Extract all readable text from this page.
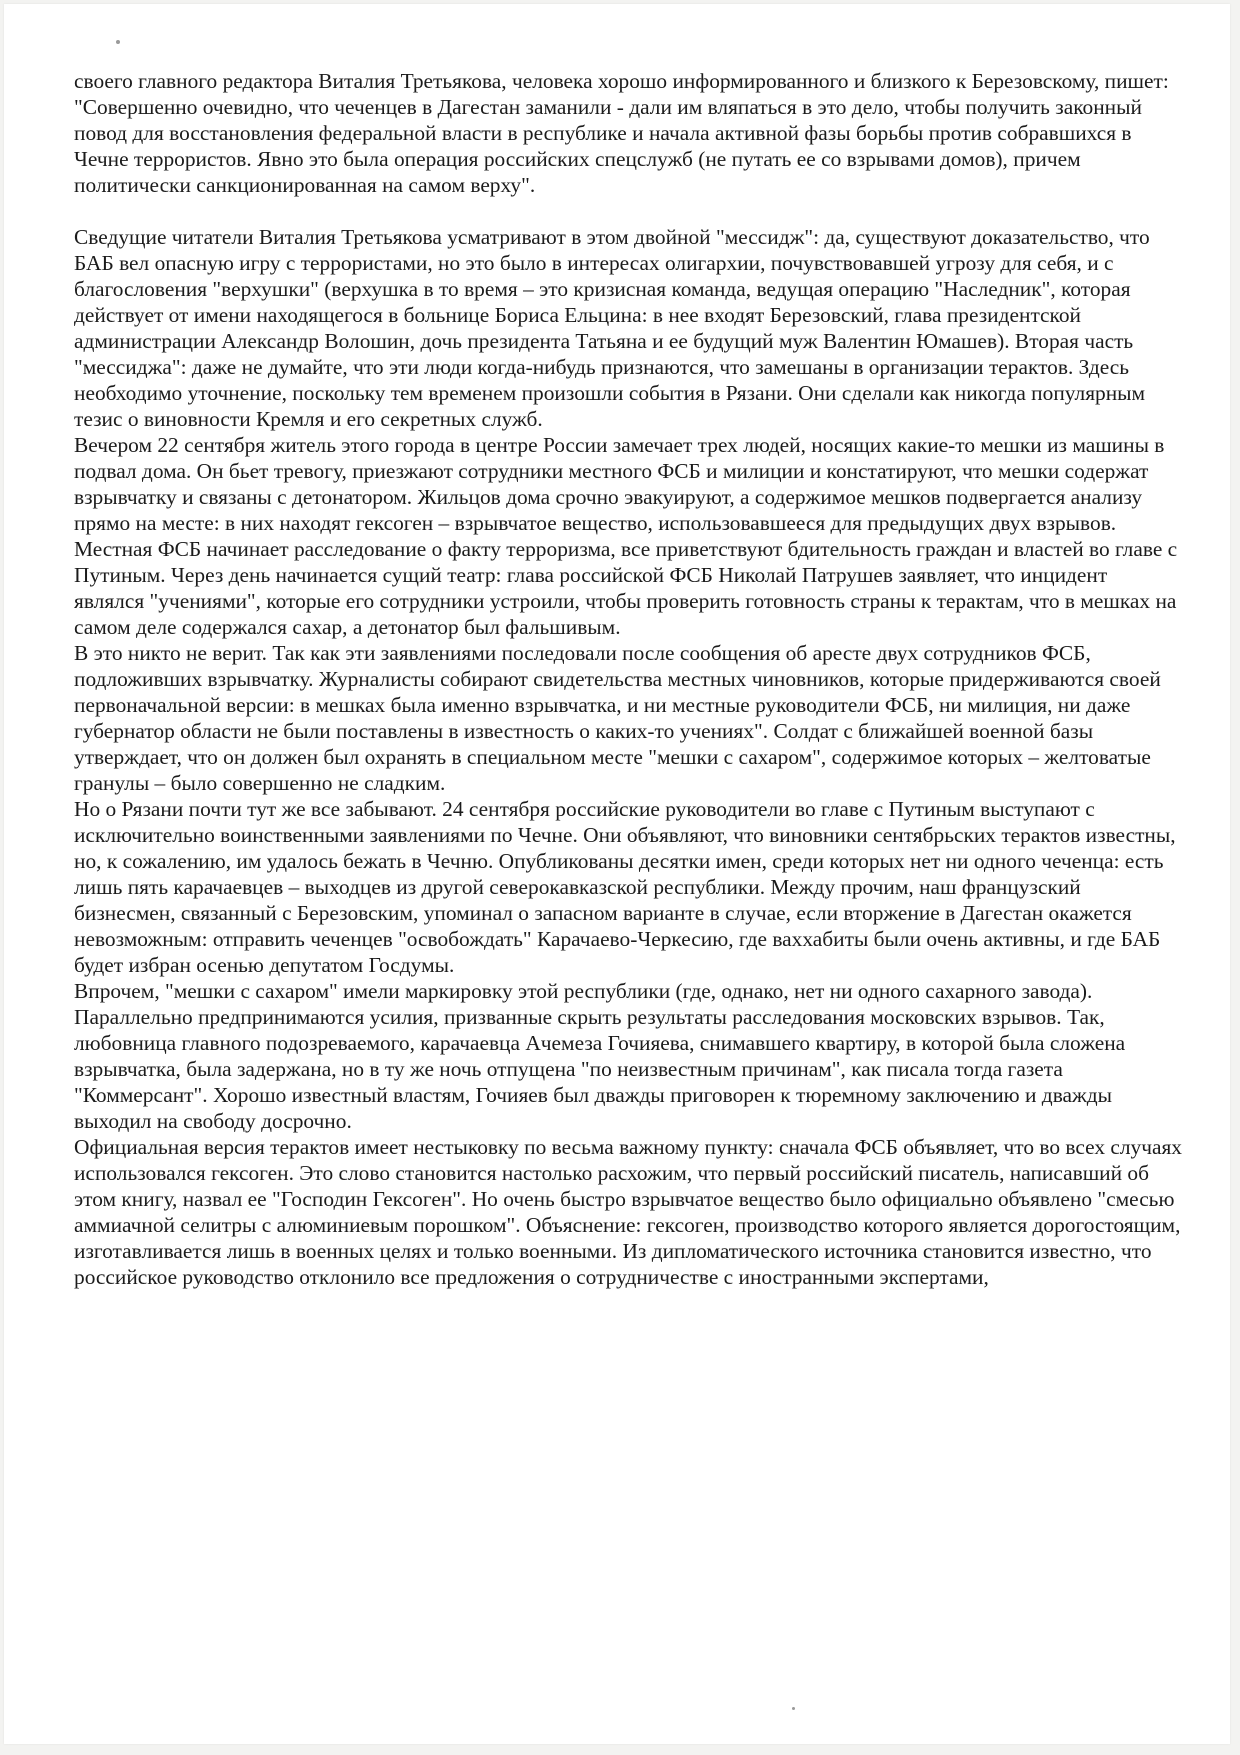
своего главного редактора Виталия Третьякова, человека хорошо информированного и близкого к Березовскому, пишет: "Совершенно очевидно, что чеченцев в Дагестан заманили - дали им вляпаться в это дело, чтобы получить законный повод для восстановления федеральной власти в республике и начала активной фазы борьбы против собравшихся в Чечне террористов. Явно это была операция российских спецслужб (не путать ее со взрывами домов), причем политически санкционированная на самом верху".

Сведущие читатели Виталия Третьякова усматривают в этом двойной "мессидж": да, существуют доказательство, что БАБ вел опасную игру с террористами, но это было в интересах олигархии, почувствовавшей угрозу для себя, и с благословения "верхушки" (верхушка в то время – это кризисная команда, ведущая операцию "Наследник", которая действует от имени находящегося в больнице Бориса Ельцина: в нее входят Березовский, глава президентской администрации Александр Волошин, дочь президента Татьяна и ее будущий муж Валентин Юмашев). Вторая часть "мессиджа": даже не думайте, что эти люди когда-нибудь признаются, что замешаны в организации терактов. Здесь необходимо уточнение, поскольку тем временем произошли события в Рязани. Они сделали как никогда популярным тезис о виновности Кремля и его секретных служб.

Вечером 22 сентября житель этого города в центре России замечает трех людей, носящих какие-то мешки из машины в подвал дома. Он бьет тревогу, приезжают сотрудники местного ФСБ и милиции и констатируют, что мешки содержат взрывчатку и связаны с детонатором. Жильцов дома срочно эвакуируют, а содержимое мешков подвергается анализу прямо на месте: в них находят гексоген – взрывчатое вещество, использовавшееся для предыдущих двух взрывов. Местная ФСБ начинает расследование о факту терроризма, все приветствуют бдительность граждан и властей во главе с Путиным. Через день начинается сущий театр: глава российской ФСБ Николай Патрушев заявляет, что инцидент являлся "учениями", которые его сотрудники устроили, чтобы проверить готовность страны к терактам, что в мешках на самом деле содержался сахар, а детонатор был фальшивым.

В это никто не верит. Так как эти заявлениями последовали после сообщения об аресте двух сотрудников ФСБ, подложивших взрывчатку. Журналисты собирают свидетельства местных чиновников, которые придерживаются своей первоначальной версии: в мешках была именно взрывчатка, и ни местные руководители ФСБ, ни милиция, ни даже губернатор области не были поставлены в известность о каких-то учениях". Солдат с ближайшей военной базы утверждает, что он должен был охранять в специальном месте "мешки с сахаром", содержимое которых – желтоватые гранулы – было совершенно не сладким.

Но о Рязани почти тут же все забывают. 24 сентября российские руководители во главе с Путиным выступают с исключительно воинственными заявлениями по Чечне. Они объявляют, что виновники сентябрьских терактов известны, но, к сожалению, им удалось бежать в Чечню. Опубликованы десятки имен, среди которых нет ни одного чеченца: есть лишь пять карачаевцев – выходцев из другой северокавказской республики. Между прочим, наш французский бизнесмен, связанный с Березовским, упоминал о запасном варианте в случае, если вторжение в Дагестан окажется невозможным: отправить чеченцев "освобождать" Карачаево-Черкесию, где ваххабиты были очень активны, и где БАБ будет избран осенью депутатом Госдумы.

Впрочем, "мешки с сахаром" имели маркировку этой республики (где, однако, нет ни одного сахарного завода).

Параллельно предпринимаются усилия, призванные скрыть результаты расследования московских взрывов. Так, любовница главного подозреваемого, карачаевца Ачемеза Гочияева, снимавшего квартиру, в которой была сложена взрывчатка, была задержана, но в ту же ночь отпущена "по неизвестным причинам", как писала тогда газета "Коммерсант". Хорошо известный властям, Гочияев был дважды приговорен к тюремному заключению и дважды выходил на свободу досрочно.

Официальная версия терактов имеет нестыковку по весьма важному пункту: сначала ФСБ объявляет, что во всех случаях использовался гексоген. Это слово становится настолько расхожим, что первый российский писатель, написавший об этом книгу, назвал ее "Господин Гексоген". Но очень быстро взрывчатое вещество было официально объявлено "смесью аммиачной селитры с алюминиевым порошком". Объяснение: гексоген, производство которого является дорогостоящим, изготавливается лишь в военных целях и только военными. Из дипломатического источника становится известно, что российское руководство отклонило все предложения о сотрудничестве с иностранными экспертами,
